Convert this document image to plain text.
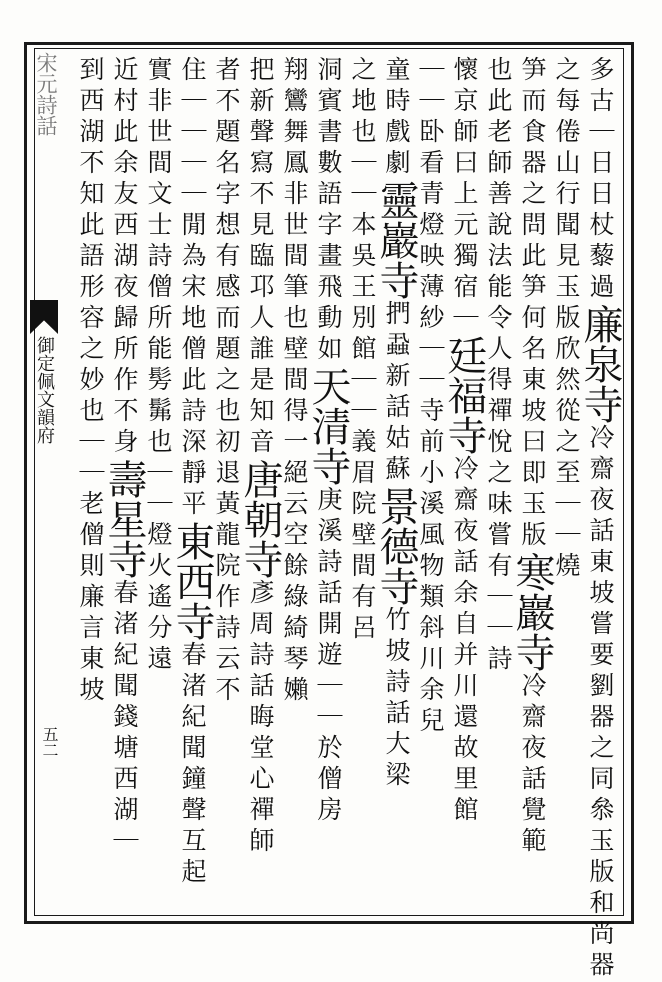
宋元詩話
御定佩文韻府
五二
多古｜日日杖藜過廉泉寺冷齋夜話東坡嘗要劉器之同叅玉版和尚器
之每倦山行聞見玉版欣然從之至｜｜燒
笋而食器之問此笋何名東坡曰即玉版寒巖寺冷齋夜話覺範
也此老師善說法能令人得禪悅之味嘗有｜｜詩
懷京師曰上元獨宿｜廷福寺冷齋夜話余自并川還故里館
｜｜卧看青燈映薄紗｜｜寺前小溪風物類斜川余兒
童時戲劇靈巖寺捫蝨新話姑蘇景德寺竹坡詩話大梁
之地也｜｜本吳王別館｜｜義眉院壁間有呂
洞賓書數語字畫飛動如天清寺庚溪詩話開遊｜｜於僧房
翔鸞舞鳳非世間筆也壁間得一絕云空餘綠綺琴嬾
把新聲寫不見臨邛人誰是知音唐朝寺彥周詩話晦堂心禪師
者不題名字想有感而題之也初退黃龍院作詩云不
住｜｜｜｜閒為宋地僧此詩深靜平東西寺春渚紀聞鐘聲互起
實非世間文士詩僧所能髣髴也｜｜燈火遙分遠
近村此余友西湖夜歸所作不身壽星寺春渚紀聞錢塘西湖｜
到西湖不知此語形容之妙也｜｜老僧則廉言東坡
